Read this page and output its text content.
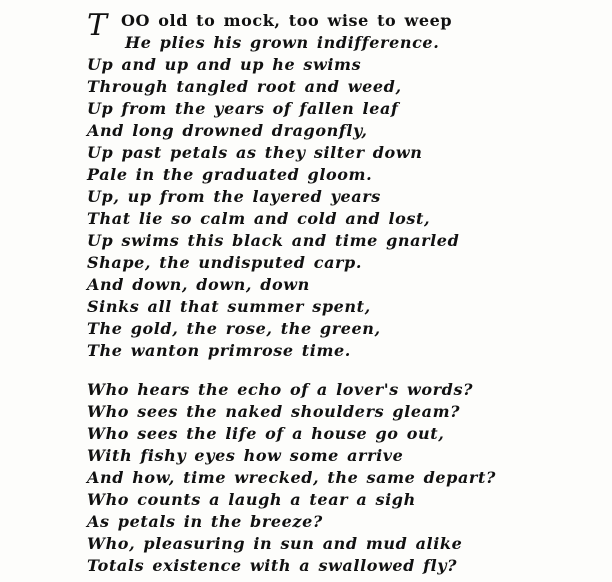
T OO old to mock, too wise to weep
He plies his grown indifference.
Up and up and up he swims
Through tangled root and weed,
Up from the years of fallen leaf
And long drowned dragonfly,
Up past petals as they silter down
Pale in the graduated gloom.
Up, up from the layered years
That lie so calm and cold and lost,
Up swims this black and time gnarled
Shape, the undisputed carp.
And down, down, down
Sinks all that summer spent,
The gold, the rose, the green,
The wanton primrose time.
Who hears the echo of a lover's words?
Who sees the naked shoulders gleam?
Who sees the life of a house go out,
With fishy eyes how some arrive
And how, time wrecked, the same depart?
Who counts a laugh a tear a sigh
As petals in the breeze?
Who, pleasuring in sun and mud alike
Totals existence with a swallowed fly?
